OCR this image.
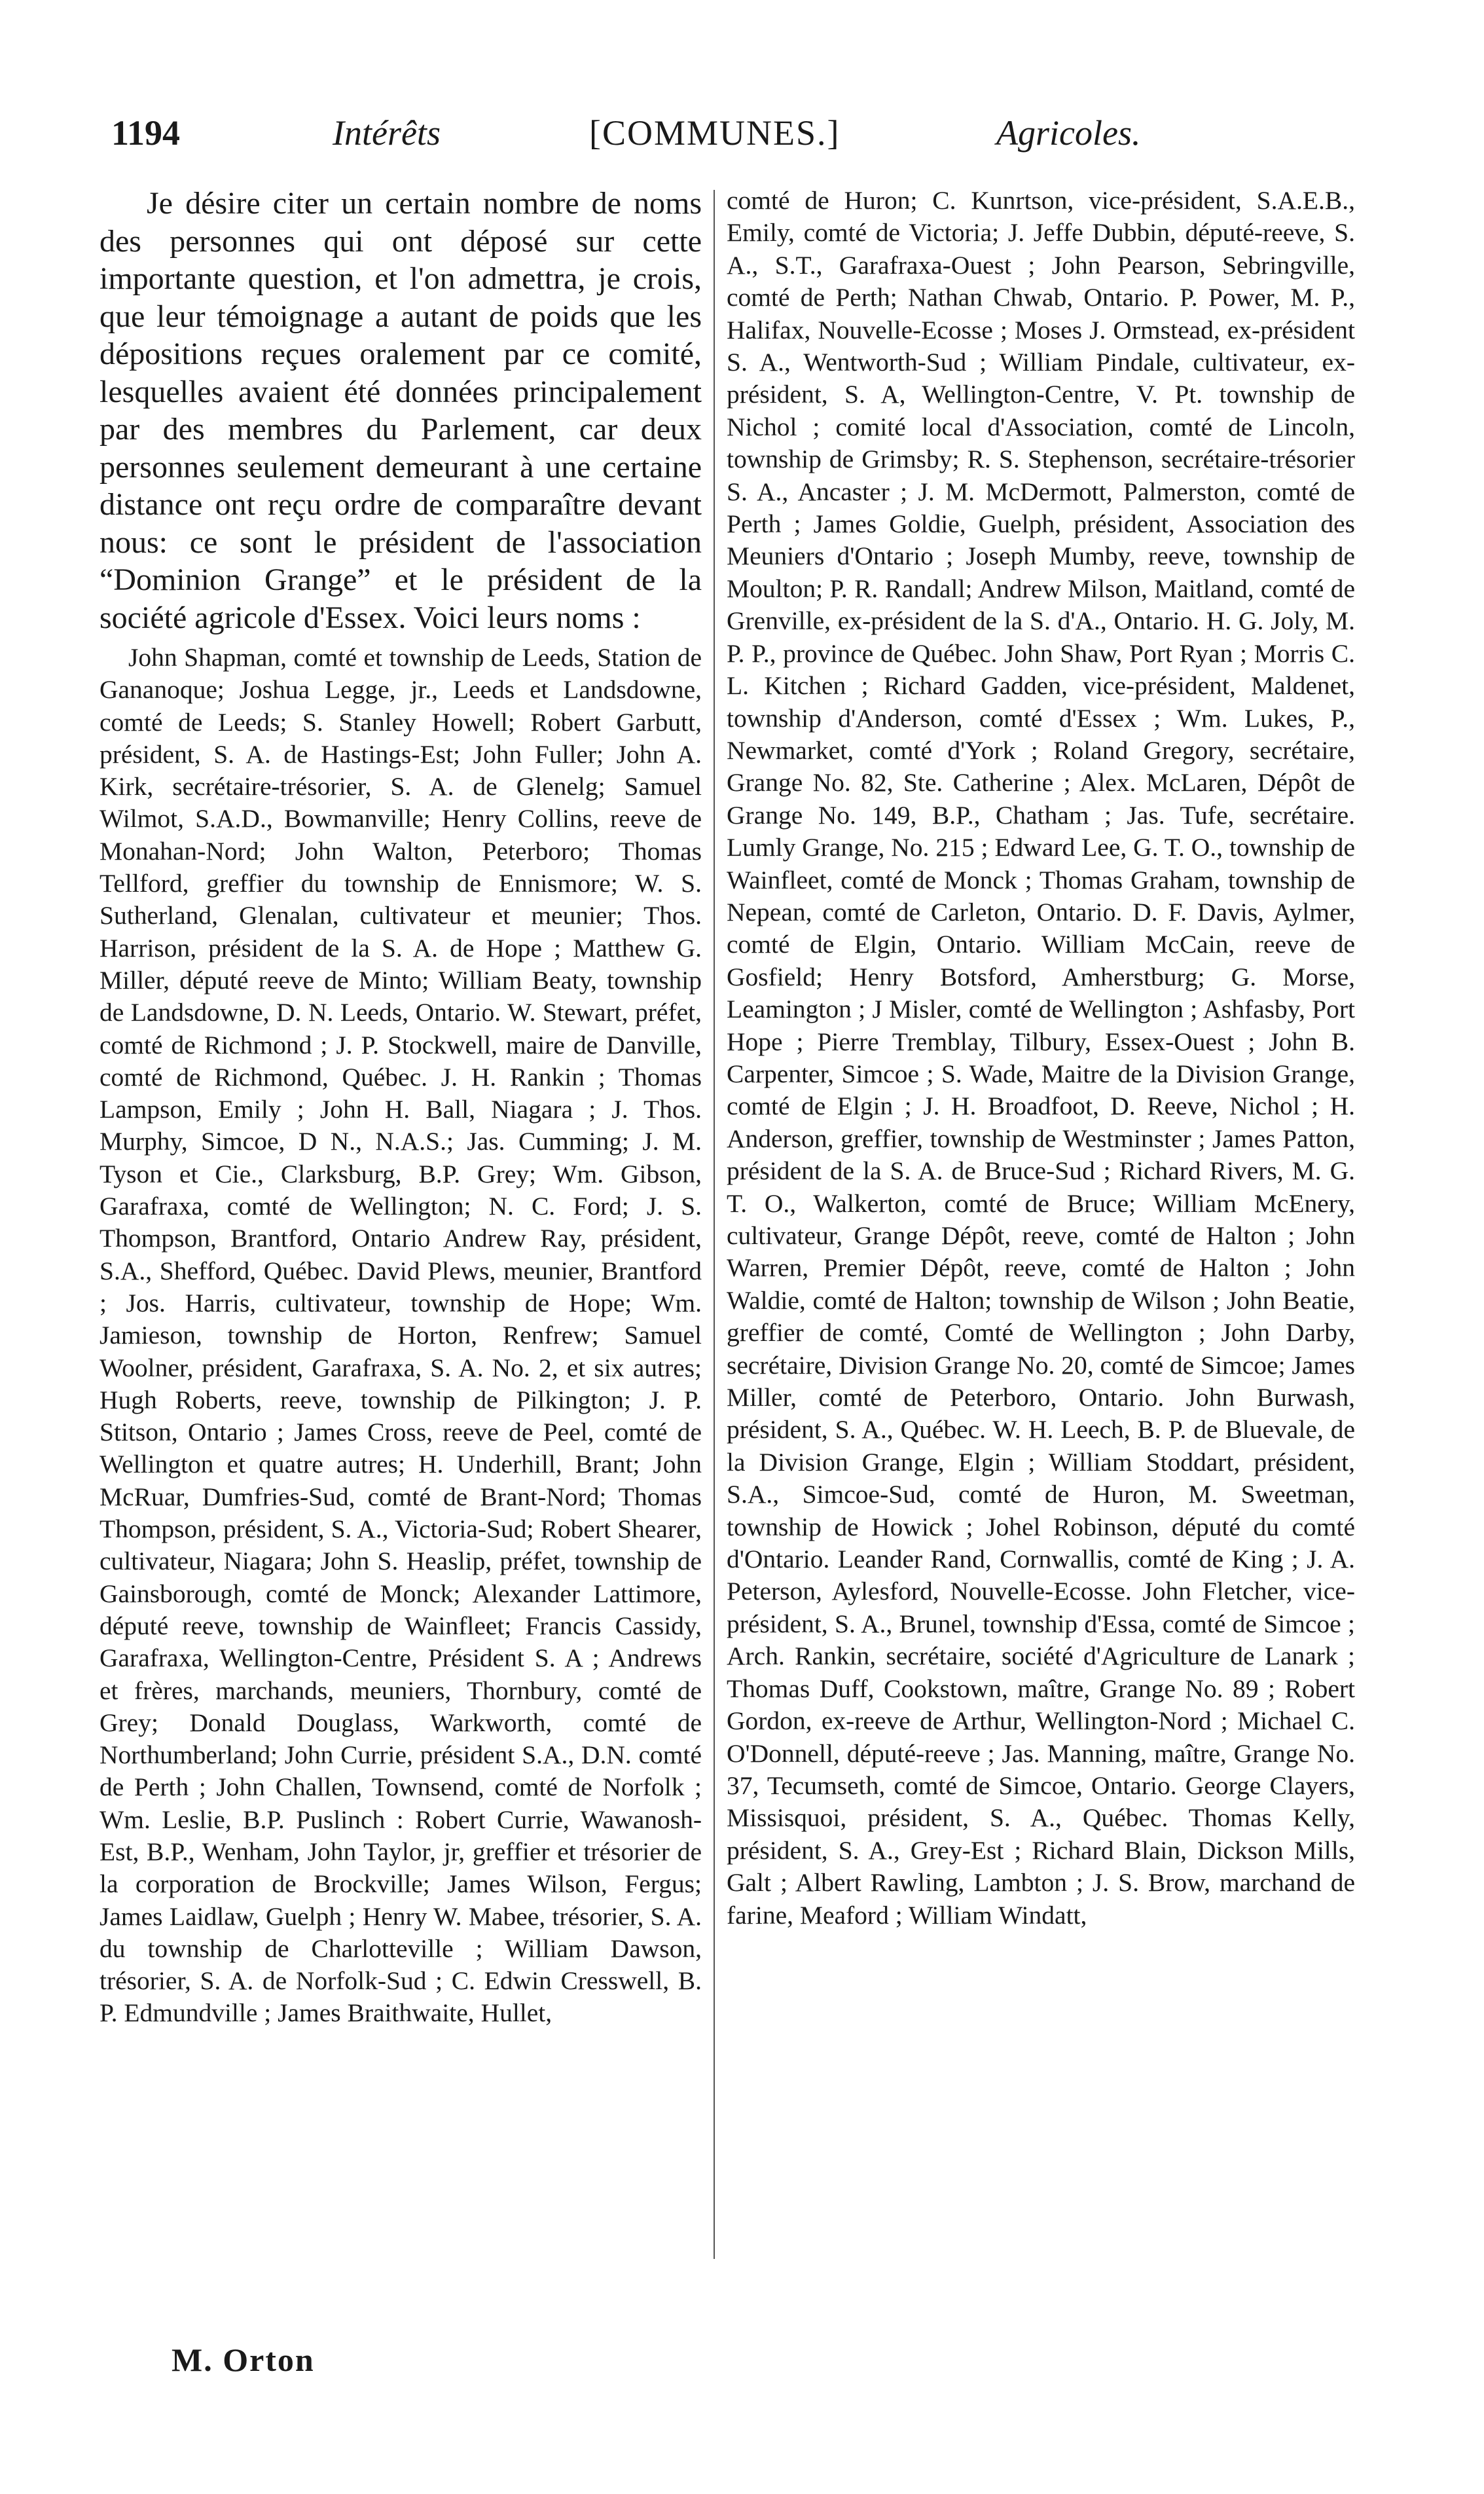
1194	Intérêts	[COMMUNES.]	Agricoles.

Je désire citer un certain nombre de noms des personnes qui ont déposé sur cette importante question, et l'on admettra, je crois, que leur témoignage a autant de poids que les dépositions reçues oralement par ce comité, lesquelles avaient été données principalement par des membres du Parlement, car deux personnes seulement demeurant à une certaine distance ont reçu ordre de comparaître devant nous: ce sont le président de l'association “Dominion Grange” et le président de la société agricole d'Essex. Voici leurs noms :

John Shapman, comté et township de Leeds, Station de Gananoque; Joshua Legge, jr., Leeds et Landsdowne, comté de Leeds; S. Stanley Howell; Robert Garbutt, président, S. A. de Hastings-Est; John Fuller; John A. Kirk, secrétaire-trésorier, S. A. de Glenelg; Samuel Wilmot, S.A.D., Bowmanville; Henry Collins, reeve de Monahan-Nord; John Walton, Peterboro; Thomas Tellford, greffier du township de Ennismore; W. S. Sutherland, Glenalan, cultivateur et meunier; Thos. Harrison, président de la S. A. de Hope ; Matthew G. Miller, député reeve de Minto; William Beaty, township de Landsdowne, D. N. Leeds, Ontario. W. Stewart, préfet, comté de Richmond ; J. P. Stockwell, maire de Danville, comté de Richmond, Québec. J. H. Rankin ; Thomas Lampson, Emily ; John H. Ball, Niagara ; J. Thos. Murphy, Simcoe, D N., N.A.S.; Jas. Cumming; J. M. Tyson et Cie., Clarksburg, B.P. Grey; Wm. Gibson, Garafraxa, comté de Wellington; N. C. Ford; J. S. Thompson, Brantford, Ontario Andrew Ray, président, S.A., Shefford, Québec. David Plews, meunier, Brantford ; Jos. Harris, cultivateur, township de Hope; Wm. Jamieson, township de Horton, Renfrew; Samuel Woolner, président, Garafraxa, S. A. No. 2, et six autres; Hugh Roberts, reeve, township de Pilkington; J. P. Stitson, Ontario ; James Cross, reeve de Peel, comté de Wellington et quatre autres; H. Underhill, Brant; John McRuar, Dumfries-Sud, comté de Brant-Nord; Thomas Thompson, président, S. A., Victoria-Sud; Robert Shearer, cultivateur, Niagara; John S. Heaslip, préfet, township de Gainsborough, comté de Monck; Alexander Lattimore, député reeve, township de Wainfleet; Francis Cassidy, Garafraxa, Wellington-Centre, Président S. A ; Andrews et frères, marchands, meuniers, Thornbury, comté de Grey; Donald Douglass, Warkworth, comté de Northumberland; John Currie, président S.A., D.N. comté de Perth ; John Challen, Townsend, comté de Norfolk ; Wm. Leslie, B.P. Puslinch : Robert Currie, Wawanosh-Est, B.P., Wenham, John Taylor, jr, greffier et trésorier de la corporation de Brockville; James Wilson, Fergus; James Laidlaw, Guelph ; Henry W. Mabee, trésorier, S. A. du township de Charlotteville ; William Dawson, trésorier, S. A. de Norfolk-Sud ; C. Edwin Cresswell, B. P. Edmundville ; James Braithwaite, Hullet,

comté de Huron; C. Kunrtson, vice-président, S.A.E.B., Emily, comté de Victoria; J. Jeffe Dubbin, député-reeve, S. A., S.T., Garafraxa-Ouest ; John Pearson, Sebringville, comté de Perth; Nathan Chwab, Ontario. P. Power, M. P., Halifax, Nouvelle-Ecosse ; Moses J. Ormstead, ex-président S. A., Wentworth-Sud ; William Pindale, cultivateur, ex-président, S. A, Wellington-Centre, V. Pt. township de Nichol ; comité local d'Association, comté de Lincoln, township de Grimsby; R. S. Stephenson, secrétaire-trésorier S. A., Ancaster ; J. M. McDermott, Palmerston, comté de Perth ; James Goldie, Guelph, président, Association des Meuniers d'Ontario ; Joseph Mumby, reeve, township de Moulton; P. R. Randall; Andrew Milson, Maitland, comté de Grenville, ex-président de la S. d'A., Ontario. H. G. Joly, M. P. P., province de Québec. John Shaw, Port Ryan ; Morris C. L. Kitchen ; Richard Gadden, vice-président, Maldenet, township d'Anderson, comté d'Essex ; Wm. Lukes, P., Newmarket, comté d'York ; Roland Gregory, secrétaire, Grange No. 82, Ste. Catherine ; Alex. McLaren, Dépôt de Grange No. 149, B.P., Chatham ; Jas. Tufe, secrétaire. Lumly Grange, No. 215 ; Edward Lee, G. T. O., township de Wainfleet, comté de Monck ; Thomas Graham, township de Nepean, comté de Carleton, Ontario. D. F. Davis, Aylmer, comté de Elgin, Ontario. William McCain, reeve de Gosfield; Henry Botsford, Amherstburg; G. Morse, Leamington ; J Misler, comté de Wellington ; Ashfasby, Port Hope ; Pierre Tremblay, Tilbury, Essex-Ouest ; John B. Carpenter, Simcoe ; S. Wade, Maitre de la Division Grange, comté de Elgin ; J. H. Broadfoot, D. Reeve, Nichol ; H. Anderson, greffier, township de Westminster ; James Patton, président de la S. A. de Bruce-Sud ; Richard Rivers, M. G. T. O., Walkerton, comté de Bruce; William McEnery, cultivateur, Grange Dépôt, reeve, comté de Halton ; John Warren, Premier Dépôt, reeve, comté de Halton ; John Waldie, comté de Halton; township de Wilson ; John Beatie, greffier de comté, Comté de Wellington ; John Darby, secrétaire, Division Grange No. 20, comté de Simcoe; James Miller, comté de Peterboro, Ontario. John Burwash, président, S. A., Québec. W. H. Leech, B. P. de Bluevale, de la Division Grange, Elgin ; William Stoddart, président, S.A., Simcoe-Sud, comté de Huron, M. Sweetman, township de Howick ; Johel Robinson, député du comté d'Ontario. Leander Rand, Cornwallis, comté de King ; J. A. Peterson, Aylesford, Nouvelle-Ecosse. John Fletcher, vice-président, S. A., Brunel, township d'Essa, comté de Simcoe ; Arch. Rankin, secrétaire, société d'Agriculture de Lanark ; Thomas Duff, Cookstown, maître, Grange No. 89 ; Robert Gordon, ex-reeve de Arthur, Wellington-Nord ; Michael C. O'Donnell, député-reeve ; Jas. Manning, maître, Grange No. 37, Tecumseth, comté de Simcoe, Ontario. George Clayers, Missisquoi, président, S. A., Québec. Thomas Kelly, président, S. A., Grey-Est ; Richard Blain, Dickson Mills, Galt ; Albert Rawling, Lambton ; J. S. Brow, marchand de farine, Meaford ; William Windatt,

M. Orton
